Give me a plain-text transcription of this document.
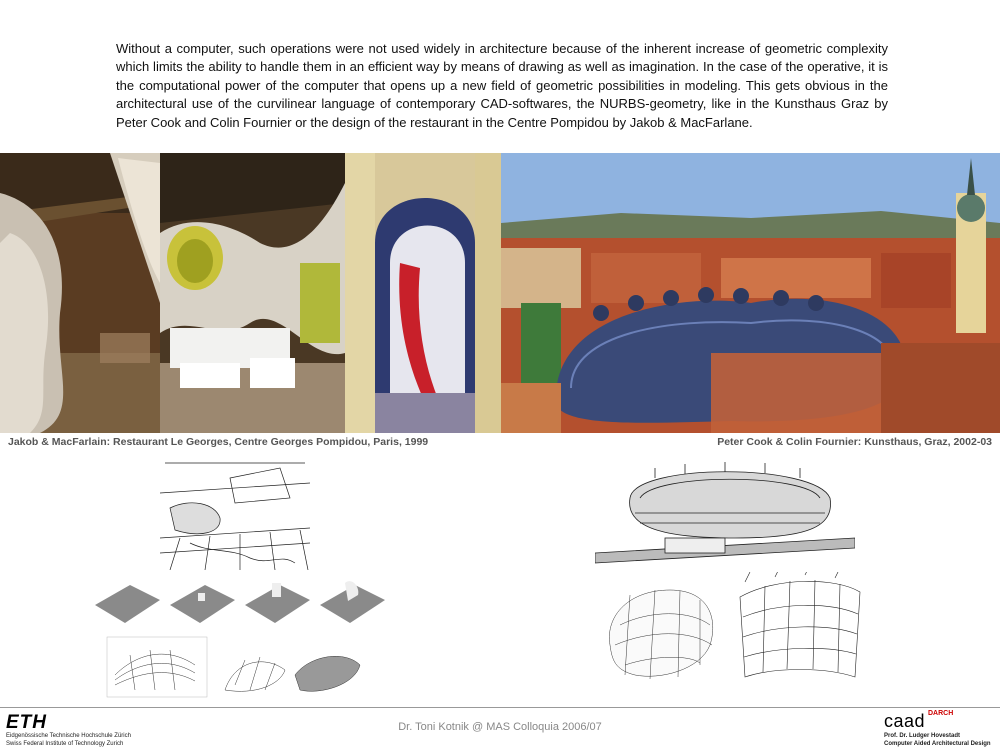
Without a computer, such operations were not used widely in architecture because of the inherent increase of geometric complexity which limits the ability to handle them in an efficient way by means of drawing as well as imagination. In the case of the operative, it is the computational power of the computer that opens up a new field of geometric possibilities in modeling. This gets obvious in the architectural use of the curvilinear language of contemporary CAD-softwares, the NURBS-geometry, like in the Kunsthaus Graz by Peter Cook and Colin Fournier or the design of the restaurant in the Centre Pompidou by Jakob & MacFarlane.

Jakob & MacFarlain: Restaurant Le Georges, Centre Georges Pompidou, Paris, 1999	Peter Cook & Colin Fournier: Kunsthaus, Graz, 2002-03
ETH
Eidgenössische Technische Hochschule Zürich
Swiss Federal Institute of Technology Zurich
Dr. Toni Kotnik @ MAS Colloquia 2006/07	caad DARCH
Prof. Dr. Ludger Hovestadt
Computer Aided Architectural Design
